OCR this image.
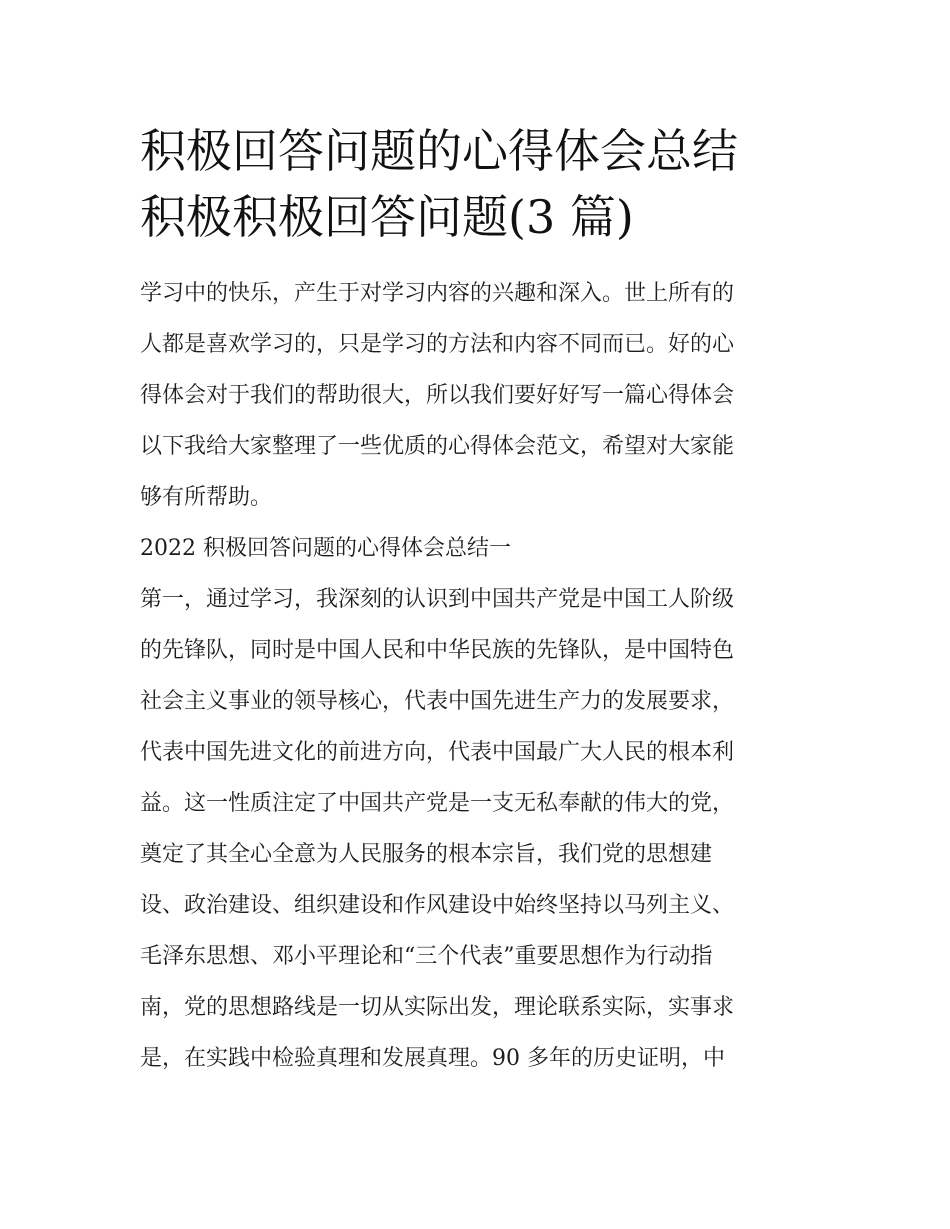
积极回答问题的心得体会总结
积极积极回答问题(3 篇)

学习中的快乐，产生于对学习内容的兴趣和深入。世上所有的

人都是喜欢学习的，只是学习的方法和内容不同而已。好的心

得体会对于我们的帮助很大，所以我们要好好写一篇心得体会

以下我给大家整理了一些优质的心得体会范文，希望对大家能

够有所帮助。

2022 积极回答问题的心得体会总结一

第一，通过学习，我深刻的认识到中国共产党是中国工人阶级

的先锋队，同时是中国人民和中华民族的先锋队，是中国特色

社会主义事业的领导核心，代表中国先进生产力的发展要求，

代表中国先进文化的前进方向，代表中国最广大人民的根本利

益。这一性质注定了中国共产党是一支无私奉献的伟大的党，

奠定了其全心全意为人民服务的根本宗旨，我们党的思想建

设、政治建设、组织建设和作风建设中始终坚持以马列主义、

毛泽东思想、邓小平理论和“三个代表”重要思想作为行动指

南，党的思想路线是一切从实际出发，理论联系实际，实事求

是，在实践中检验真理和发展真理。90 多年的历史证明，中
